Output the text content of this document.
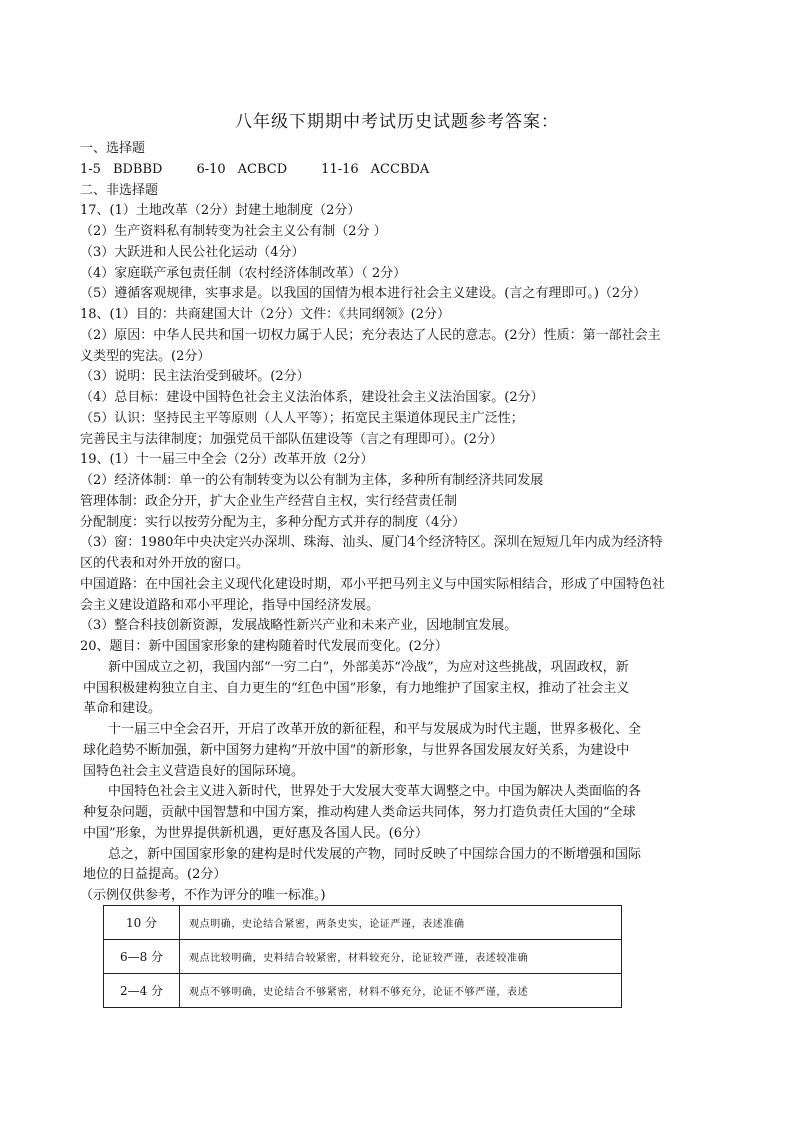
八年级下期期中考试历史试题参考答案：
一、选择题
1-5 BDBBD	6-10 ACBCD	11-16 ACCBDA
二、非选择题
17、(1）土地改革（2分）封建土地制度（2分）
（2）生产资料私有制转变为社会主义公有制（2分 ）
（3）大跃进和人民公社化运动（4分）
（4）家庭联产承包责任制（农村经济体制改革）（ 2分）
（5）遵循客观规律，实事求是。以我国的国情为根本进行社会主义建设。(言之有理即可。)（2分）
18、(1）目的：共商建国大计（2分）文件：《共同纲领》(2分）
（2）原因：中华人民共和国一切权力属于人民；充分表达了人民的意志。(2分）性质：第一部社会主
义类型的宪法。(2分）
（3）说明：民主法治受到破坏。(2分）
（4）总目标：建设中国特色社会主义法治体系，建设社会主义法治国家。(2分）
（5）认识：坚持民主平等原则（人人平等）；拓宽民主渠道体现民主广泛性；
完善民主与法律制度；加强党员干部队伍建设等（言之有理即可）。(2分）
19、(1）十一届三中全会（2分）改革开放（2分）
（2）经济体制：单一的公有制转变为以公有制为主体，多种所有制经济共同发展
管理体制：政企分开，扩大企业生产经营自主权，实行经营责任制
分配制度：实行以按劳分配为主，多种分配方式并存的制度（4分）
（3）窗：1980年中央决定兴办深圳、珠海、汕头、厦门4个经济特区。深圳在短短几年内成为经济特
区的代表和对外开放的窗口。
中国道路：在中国社会主义现代化建设时期，邓小平把马列主义与中国实际相结合，形成了中国特色社
会主义建设道路和邓小平理论，指导中国经济发展。
（3）整合科技创新资源，发展战略性新兴产业和未来产业，因地制宜发展。
20、题目：新中国国家形象的建构随着时代发展而变化。(2分）
新中国成立之初，我国内部“一穷二白”，外部美苏“冷战”，为应对这些挑战，巩固政权，新
中国积极建构独立自主、自力更生的“红色中国”形象，有力地维护了国家主权，推动了社会主义
革命和建设。
十一届三中全会召开，开启了改革开放的新征程，和平与发展成为时代主题，世界多极化、全
球化趋势不断加强，新中国努力建构“开放中国”的新形象，与世界各国发展友好关系，为建设中
国特色社会主义营造良好的国际环境。
中国特色社会主义进入新时代，世界处于大发展大变革大调整之中。中国为解决人类面临的各
种复杂问题，贡献中国智慧和中国方案，推动构建人类命运共同体，努力打造负责任大国的“全球
中国”形象，为世界提供新机遇，更好惠及各国人民。(6分）
总之，新中国国家形象的建构是时代发展的产物，同时反映了中国综合国力的不断增强和国际
地位的日益提高。(2分）
（示例仅供参考，不作为评分的唯一标准。)
10 分	观点明确，史论结合紧密，两条史实，论证严谨，表述准确
6—8 分	观点比较明确，史料结合较紧密，材料较充分，论证较严谨，表述较准确
2—4 分	观点不够明确，史论结合不够紧密，材料不够充分，论证不够严谨，表述
